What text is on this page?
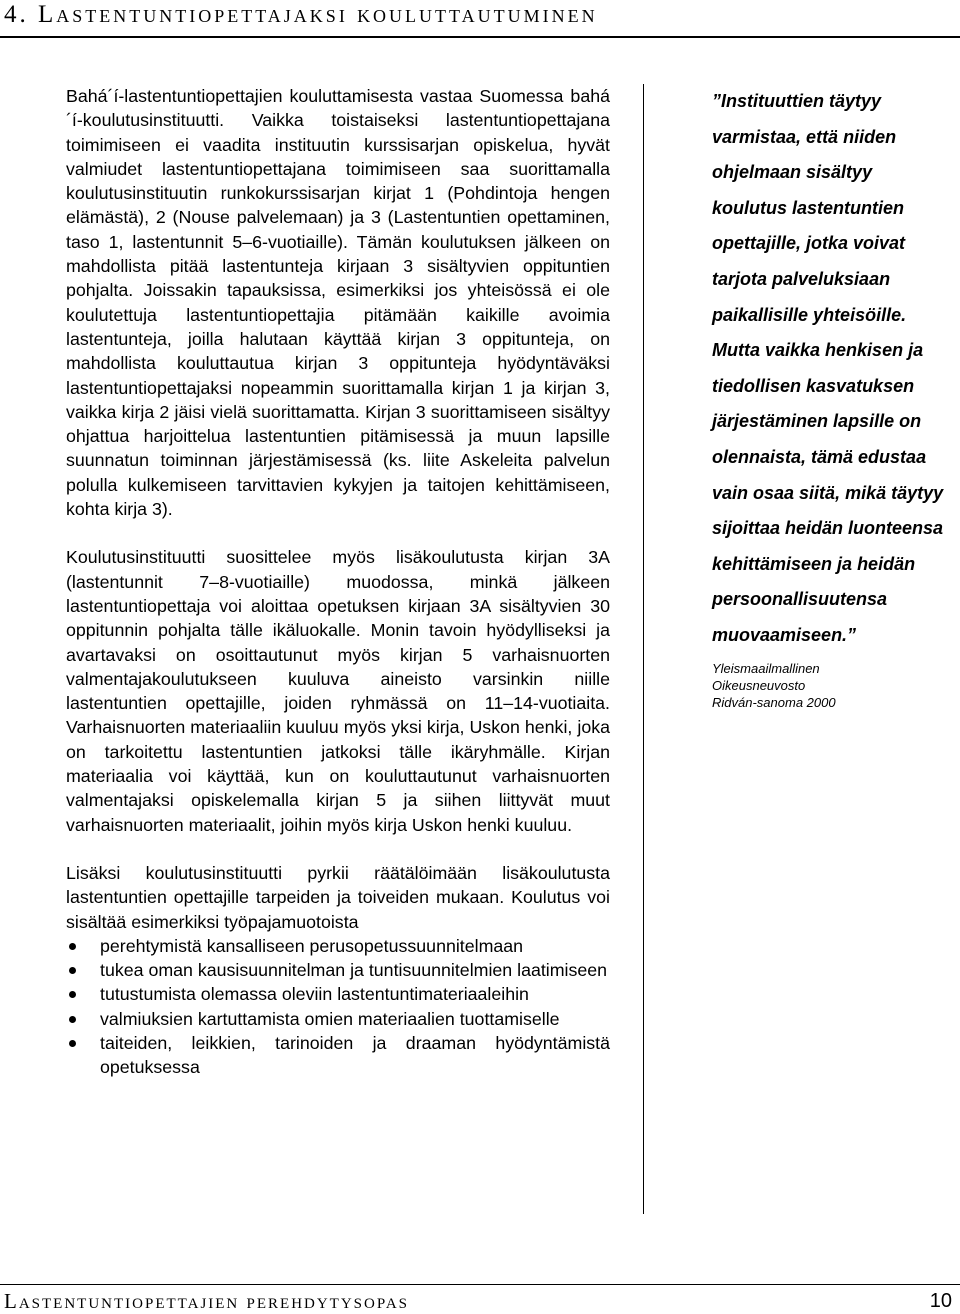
4. Lastentuntiopettajaksi kouluttautuminen

Bahá´í-lastentuntiopettajien kouluttamisesta vastaa Suomessa bahá´í-koulutusinstituutti. Vaikka toistaiseksi lastentuntiopettajana toimimiseen ei vaadita instituutin kurssisarjan opiskelua, hyvät valmiudet lastentuntiopettajana toimimiseen saa suorittamalla koulutusinstituutin runkokurssisarjan kirjat 1 (Pohdintoja hengen elämästä), 2 (Nouse palvelemaan) ja 3 (Lastentuntien opettaminen, taso 1, lastentunnit 5–6-vuotiaille). Tämän koulutuksen jälkeen on mahdollista pitää lastentunteja kirjaan 3 sisältyvien oppituntien pohjalta. Joissakin tapauksissa, esimerkiksi jos yhteisössä ei ole koulutettuja lastentuntiopettajia pitämään kaikille avoimia lastentunteja, joilla halutaan käyttää kirjan 3 oppitunteja, on mahdollista kouluttautua kirjan 3 oppitunteja hyödyntäväksi lastentuntiopettajaksi nopeammin suorittamalla kirjan 1 ja kirjan 3, vaikka kirja 2 jäisi vielä suorittamatta. Kirjan 3 suorittamiseen sisältyy ohjattua harjoittelua lastentuntien pitämisessä ja muun lapsille suunnatun toiminnan järjestämisessä (ks. liite Askeleita palvelun polulla kulkemiseen tarvittavien kykyjen ja taitojen kehittämiseen, kohta kirja 3).

Koulutusinstituutti suosittelee myös lisäkoulutusta kirjan 3A (lastentunnit 7–8-vuotiaille) muodossa, minkä jälkeen lastentuntiopettaja voi aloittaa opetuksen kirjaan 3A sisältyvien 30 oppitunnin pohjalta tälle ikäluokalle. Monin tavoin hyödylliseksi ja avartavaksi on osoittautunut myös kirjan 5 varhaisnuorten valmentajakoulutukseen kuuluva aineisto varsinkin niille lastentuntien opettajille, joiden ryhmässä on 11–14-vuotiaita. Varhaisnuorten materiaaliin kuuluu myös yksi kirja, Uskon henki, joka on tarkoitettu lastentuntien jatkoksi tälle ikäryhmälle. Kirjan materiaalia voi käyttää, kun on kouluttautunut varhaisnuorten valmentajaksi opiskelemalla kirjan 5 ja siihen liittyvät muut varhaisnuorten materiaalit, joihin myös kirja Uskon henki kuuluu.

Lisäksi koulutusinstituutti pyrkii räätälöimään lisäkoulutusta lastentuntien opettajille tarpeiden ja toiveiden mukaan. Koulutus voi sisältää esimerkiksi työpajamuotoista

perehtymistä kansalliseen perusopetussuunnitelmaan
tukea oman kausisuunnitelman ja tuntisuunnitelmien laatimiseen
tutustumista olemassa oleviin lastentuntimateriaaleihin
valmiuksien kartuttamista omien materiaalien tuottamiselle
taiteiden, leikkien, tarinoiden ja draaman hyödyntämistä opetuksessa

”Instituuttien täytyy varmistaa, että niiden ohjelmaan sisältyy koulutus lastentuntien opettajille, jotka voivat tarjota palveluksiaan paikallisille yhteisöille. Mutta vaikka henkisen ja tiedollisen kasvatuksen järjestäminen lapsille on olennaista, tämä edustaa vain osaa siitä, mikä täytyy sijoittaa heidän luonteensa kehittämiseen ja heidän persoonallisuutensa muovaamiseen.”

Yleismaailmallinen
Oikeusneuvosto
Ridván-sanoma 2000
Lastentuntiopettajien perehdytysopas	10
